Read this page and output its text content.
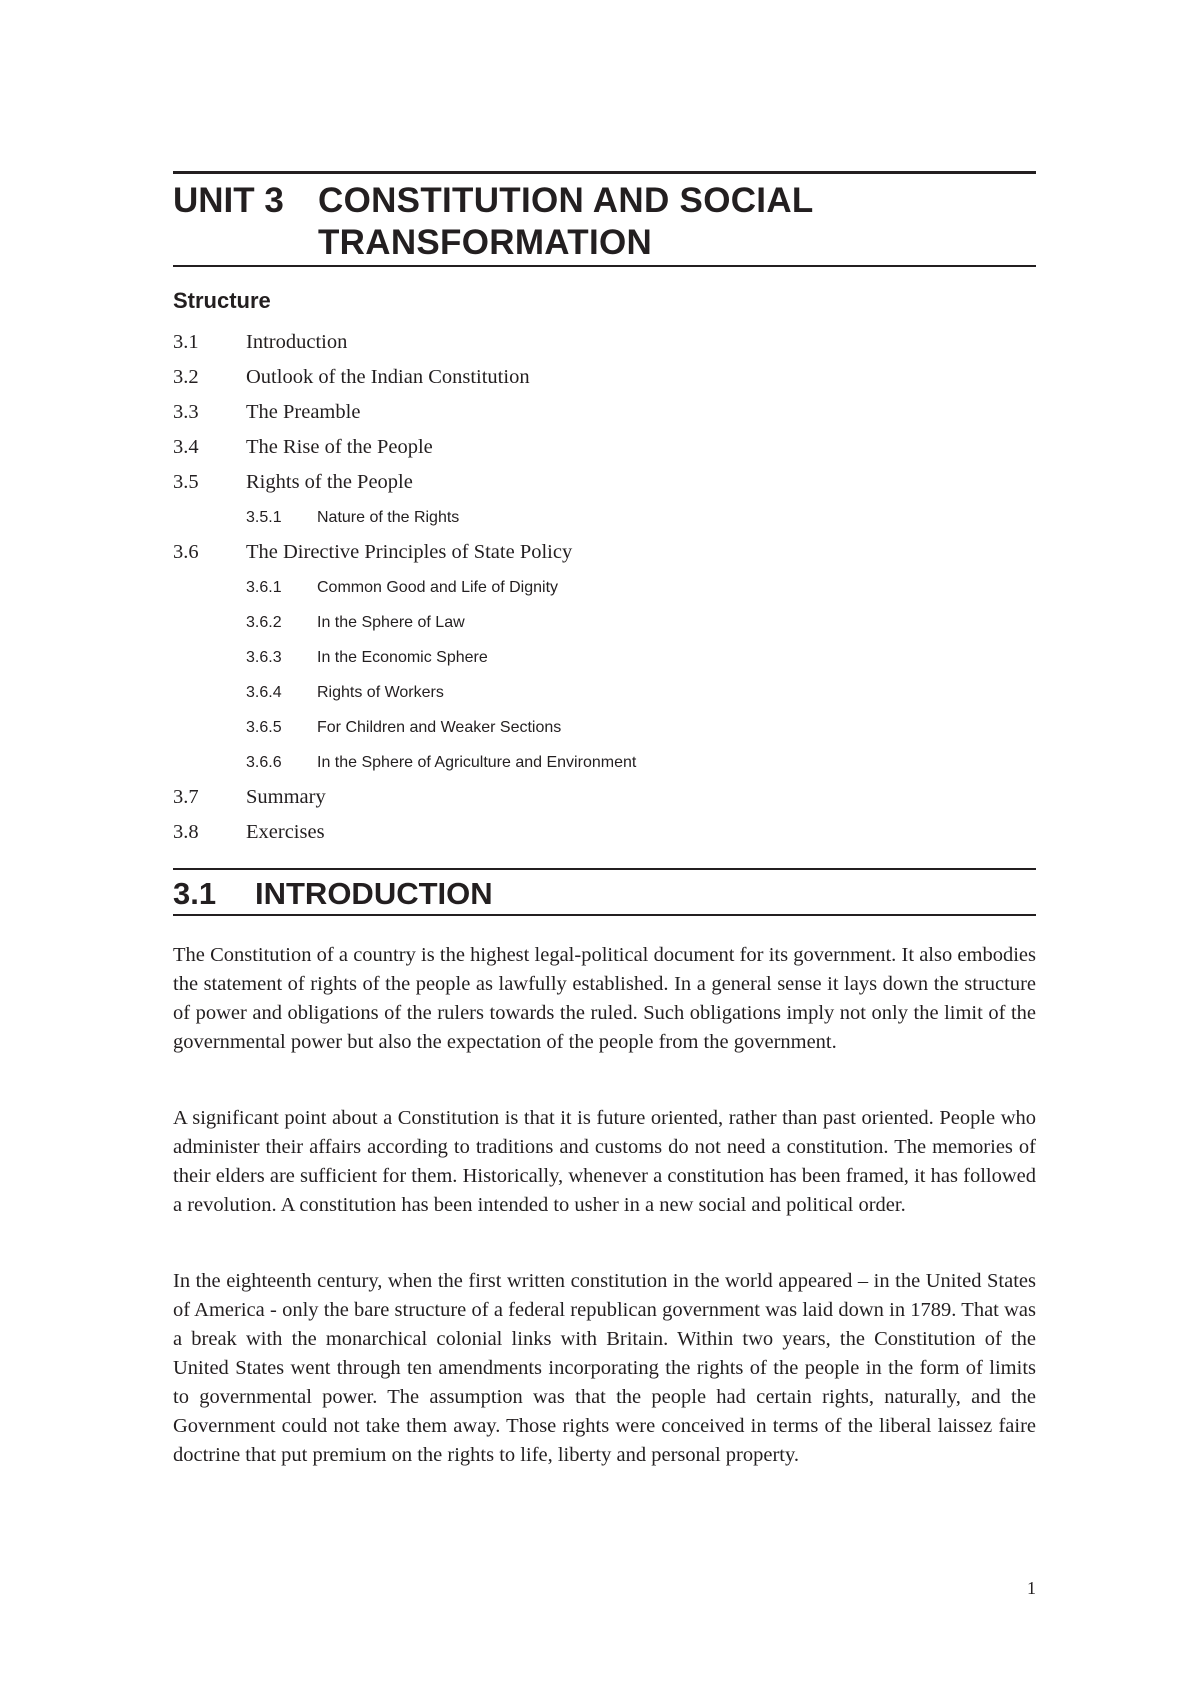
UNIT 3 CONSTITUTION AND SOCIAL TRANSFORMATION
Structure
3.1	Introduction
3.2	Outlook of the Indian Constitution
3.3	The Preamble
3.4	The Rise of the People
3.5	Rights of the People
3.5.1	Nature of the Rights
3.6	The Directive Principles of State Policy
3.6.1	Common Good and Life of Dignity
3.6.2	In the Sphere of Law
3.6.3	In the Economic Sphere
3.6.4	Rights of Workers
3.6.5	For Children and Weaker Sections
3.6.6	In the Sphere of Agriculture and Environment
3.7	Summary
3.8	Exercises
3.1	INTRODUCTION

The Constitution of a country is the highest legal-political document for its government. It also embodies the statement of rights of the people as lawfully established. In a general sense it lays down the structure of power and obligations of the rulers towards the ruled. Such obligations imply not only the limit of the governmental power but also the expectation of the people from the government.

A significant point about a Constitution is that it is future oriented, rather than past oriented. People who administer their affairs according to traditions and customs do not need a constitution. The memories of their elders are sufficient for them. Historically, whenever a constitution has been framed, it has followed a revolution. A constitution has been intended to usher in a new social and political order.

In the eighteenth century, when the first written constitution in the world appeared – in the United States of America - only the bare structure of a federal republican government was laid down in 1789. That was a break with the monarchical colonial links with Britain. Within two years, the Constitution of the United States went through ten amendments incorporating the rights of the people in the form of limits to governmental power. The assumption was that the people had certain rights, naturally, and the Government could not take them away. Those rights were conceived in terms of the liberal laissez faire doctrine that put premium on the rights to life, liberty and personal property.

1
